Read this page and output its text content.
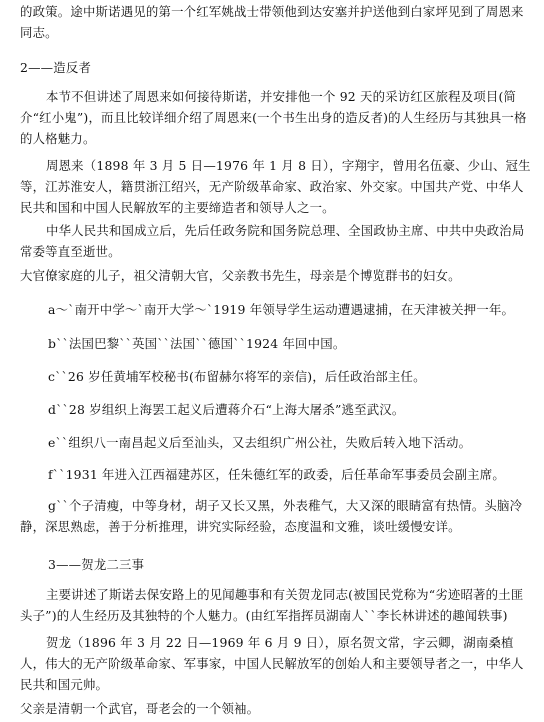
的政策。途中斯诺遇见的第一个红军姚战士带领他到达安塞并护送他到白家坪见到了周恩来同志。

2——造反者

本节不但讲述了周恩来如何接待斯诺，并安排他一个 92 天的采访红区旅程及项目(简介“红小鬼”)，而且比较详细介绍了周恩来(一个书生出身的造反者)的人生经历与其独具一格的人格魅力。

周恩来（1898 年 3 月 5 日—1976 年 1 月 8 日），字翔宇，曾用名伍豪、少山、冠生等，江苏淮安人，籍贯浙江绍兴，无产阶级革命家、政治家、外交家。中国共产党、中华人民共和国和中国人民解放军的主要缔造者和领导人之一。

中华人民共和国成立后，先后任政务院和国务院总理、全国政协主席、中共中央政治局常委等直至逝世。

大官僚家庭的儿子，祖父清朝大官，父亲教书先生，母亲是个博览群书的妇女。

a～`南开中学～`南开大学～`1919 年领导学生运动遭遇逮捕，在天津被关押一年。

b``法国巴黎``英国``法国``德国``1924 年回中国。

c``26 岁任黄埔军校秘书(布留赫尔将军的亲信)，后任政治部主任。

d``28 岁组织上海罢工起义后遭蒋介石“上海大屠杀”逃至武汉。

e``组织八一南昌起义后至汕头，又去组织广州公社，失败后转入地下活动。

f``1931 年进入江西福建苏区，任朱德红军的政委，后任革命军事委员会副主席。

g``个子清瘦，中等身材，胡子又长又黑，外表稚气，大又深的眼睛富有热情。头脑冷静，深思熟虑，善于分析推理，讲究实际经验，态度温和文雅，谈吐缓慢安详。

3——贺龙二三事

主要讲述了斯诺去保安路上的见闻趣事和有关贺龙同志(被国民党称为“劣迹昭著的土匪头子”)的人生经历及其独特的个人魅力。(由红军指挥员湖南人``李长林讲述的趣闻轶事)

贺龙（1896 年 3 月 22 日—1969 年 6 月 9 日），原名贺文常，字云卿，湖南桑植人，伟大的无产阶级革命家、军事家，中国人民解放军的创始人和主要领导者之一，中华人民共和国元帅。

父亲是清朝一个武官，哥老会的一个领袖。
